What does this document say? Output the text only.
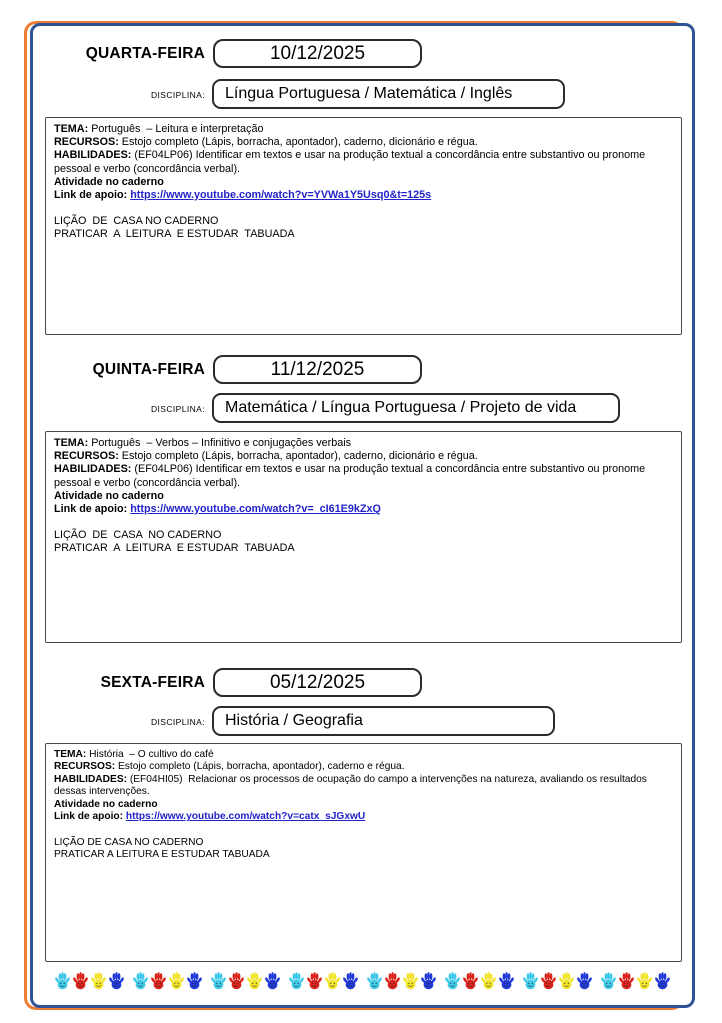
QUARTA-FEIRA	10/12/2025
DISCIPLINA:	Língua Portuguesa / Matemática / Inglês

TEMA: Português  – Leitura e interpretação

RECURSOS: Estojo completo (Lápis, borracha, apontador), caderno, dicionário e régua.

HABILIDADES: (EF04LP06) Identificar em textos e usar na produção textual a concordância entre substantivo ou pronome pessoal e verbo (concordância verbal).

Atividade no caderno

Link de apoio: https://www.youtube.com/watch?v=YVWa1Y5Usq0&t=125s

LIÇÃO  DE  CASA NO CADERNO

PRATICAR  A  LEITURA  E ESTUDAR  TABUADA

QUINTA-FEIRA	11/12/2025
DISCIPLINA:	Matemática / Língua Portuguesa / Projeto de vida

TEMA: Português  – Verbos – Infinitivo e conjugações verbais

RECURSOS: Estojo completo (Lápis, borracha, apontador), caderno, dicionário e régua.

HABILIDADES: (EF04LP06) Identificar em textos e usar na produção textual a concordância entre substantivo ou pronome pessoal e verbo (concordância verbal).

Atividade no caderno

Link de apoio: https://www.youtube.com/watch?v=_cI61E9kZxQ

LIÇÃO  DE  CASA  NO CADERNO

PRATICAR  A  LEITURA  E ESTUDAR  TABUADA

SEXTA-FEIRA	05/12/2025
DISCIPLINA:	História / Geografia

TEMA: História  – O cultivo do café

RECURSOS: Estojo completo (Lápis, borracha, apontador), caderno e régua.

HABILIDADES: (EF04HI05)  Relacionar os processos de ocupação do campo a intervenções na natureza, avaliando os resultados dessas intervenções.

Atividade no caderno

Link de apoio: https://www.youtube.com/watch?v=catx_sJGxwU

LIÇÃO DE CASA NO CADERNO

PRATICAR A LEITURA E ESTUDAR TABUADA
